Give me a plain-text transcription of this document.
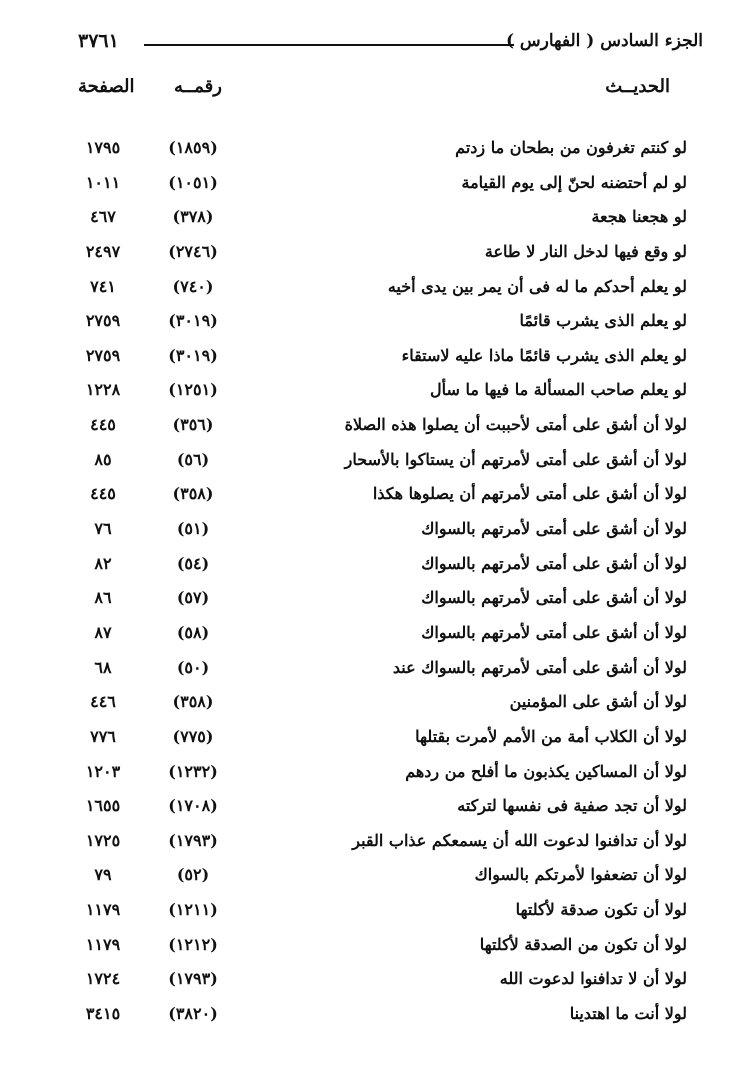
٣٧٦١	الجزء السادس ( الفهارس )
الحديــث
رقمــه
الصفحة
لو كنتم تغرفون من بطحان ما زدتم
(١٨٥٩)
١٧٩٥
لو لم أحتضنه لحنّ إلى يوم القيامة
(١٠٥١)
١٠١١
لو هجعنا هجعة
(٣٧٨)
٤٦٧
لو وقع فيها لدخل النار لا طاعة
(٢٧٤٦)
٢٤٩٧
لو يعلم أحدكم ما له فى أن يمر بين يدى أخيه
(٧٤٠)
٧٤١
لو يعلم الذى يشرب قائمًا
(٣٠١٩)
٢٧٥٩
لو يعلم الذى يشرب قائمًا ماذا عليه لاستقاء
(٣٠١٩)
٢٧٥٩
لو يعلم صاحب المسألة ما فيها ما سأل
(١٢٥١)
١٢٢٨
لولا أن أشق على أمتى لأحببت أن يصلوا هذه الصلاة
(٣٥٦)
٤٤٥
لولا أن أشق على أمتى لأمرتهم أن يستاكوا بالأسحار
(٥٦)
٨٥
لولا أن أشق على أمتى لأمرتهم أن يصلوها هكذا
(٣٥٨)
٤٤٥
لولا أن أشق على أمتى لأمرتهم بالسواك
(٥١)
٧٦
لولا أن أشق على أمتى لأمرتهم بالسواك
(٥٤)
٨٢
لولا أن أشق على أمتى لأمرتهم بالسواك
(٥٧)
٨٦
لولا أن أشق على أمتى لأمرتهم بالسواك
(٥٨)
٨٧
لولا أن أشق على أمتى لأمرتهم بالسواك عند
(٥٠)
٦٨
لولا أن أشق على المؤمنين
(٣٥٨)
٤٤٦
لولا أن الكلاب أمة من الأمم لأمرت بقتلها
(٧٧٥)
٧٧٦
لولا أن المساكين يكذبون ما أفلح من ردهم
(١٢٣٢)
١٢٠٣
لولا أن تجد صفية فى نفسها لتركته
(١٧٠٨)
١٦٥٥
لولا أن تدافنوا لدعوت الله أن يسمعكم عذاب القبر
(١٧٩٣)
١٧٢٥
لولا أن تضعفوا لأمرتكم بالسواك
(٥٢)
٧٩
لولا أن تكون صدقة لأكلتها
(١٢١١)
١١٧٩
لولا أن تكون من الصدقة لأكلتها
(١٢١٢)
١١٧٩
لولا أن لا تدافنوا لدعوت الله
(١٧٩٣)
١٧٢٤
لولا أنت ما اهتدينا
(٣٨٢٠)
٣٤١٥
